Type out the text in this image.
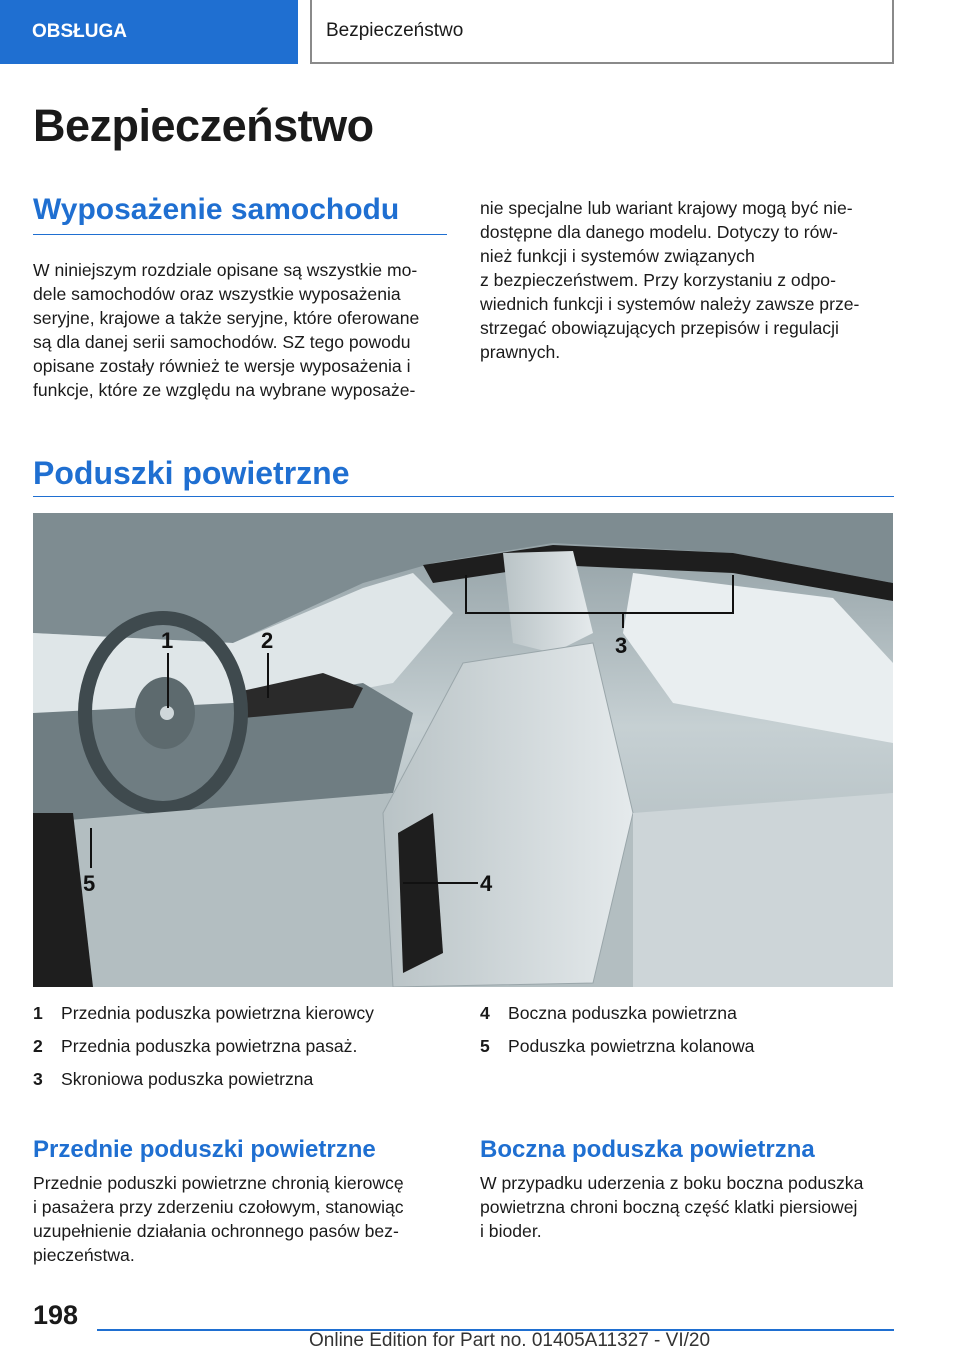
OBSŁUGA	Bezpieczeństwo
Bezpieczeństwo
Wyposażenie samochodu

W niniejszym rozdziale opisane są wszystkie mo‐
dele samochodów oraz wszystkie wyposażenia
seryjne, krajowe a także seryjne, które oferowane
są dla danej serii samochodów. SZ tego powodu
opisane zostały również te wersje wyposażenia i
funkcje, które ze względu na wybrane wyposaże‐

nie specjalne lub wariant krajowy mogą być nie‐
dostępne dla danego modelu. Dotyczy to rów‐
nież funkcji i systemów związanych
z bezpieczeństwem. Przy korzystaniu z odpo‐
wiednich funkcji i systemów należy zawsze prze‐
strzegać obowiązujących przepisów i regulacji
prawnych.

Poduszki powietrzne
1	2	3
4
5
1	Przednia poduszka powietrzna kierowcy
2	Przednia poduszka powietrzna pasaż.
3	Skroniowa poduszka powietrzna
4	Boczna poduszka powietrzna
5	Poduszka powietrzna kolanowa
Przednie poduszki powietrzne

Przednie poduszki powietrzne chronią kierowcę
i pasażera przy zderzeniu czołowym, stanowiąc
uzupełnienie działania ochronnego pasów bez‐
pieczeństwa.

Boczna poduszka powietrzna

W przypadku uderzenia z boku boczna poduszka
powietrzna chroni boczną część klatki piersiowej
i bioder.

198
Online Edition for Part no. 01405A11327 - VI/20
